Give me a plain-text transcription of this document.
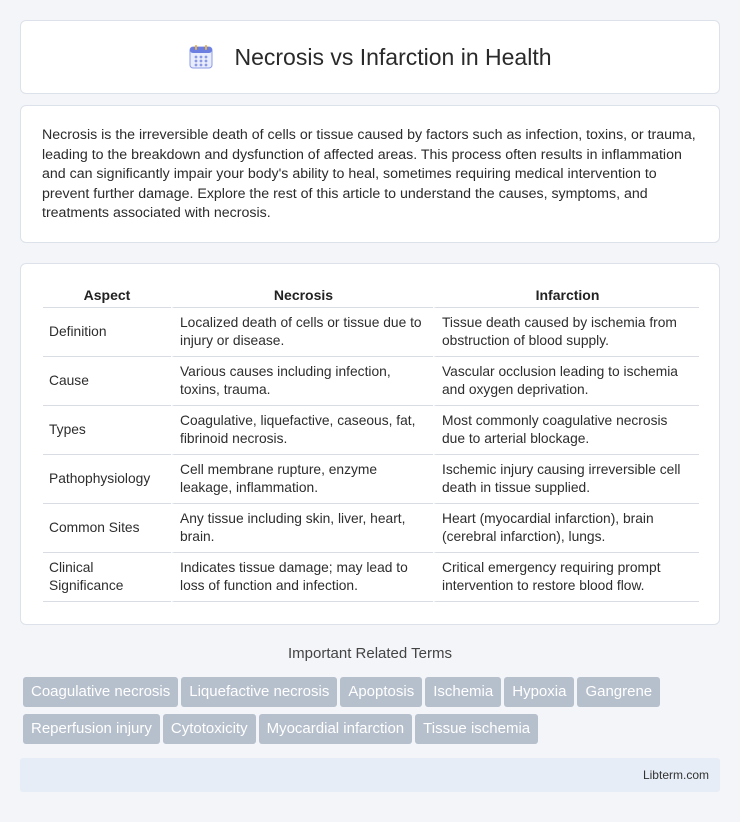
Necrosis vs Infarction in Health

Necrosis is the irreversible death of cells or tissue caused by factors such as infection, toxins, or trauma, leading to the breakdown and dysfunction of affected areas. This process often results in inflammation and can significantly impair your body's ability to heal, sometimes requiring medical intervention to prevent further damage. Explore the rest of this article to understand the causes, symptoms, and treatments associated with necrosis.

Aspect	Necrosis	Infarction
Definition	Localized death of cells or tissue due to injury or disease.	Tissue death caused by ischemia from obstruction of blood supply.
Cause	Various causes including infection, toxins, trauma.	Vascular occlusion leading to ischemia and oxygen deprivation.
Types	Coagulative, liquefactive, caseous, fat, fibrinoid necrosis.	Most commonly coagulative necrosis due to arterial blockage.
Pathophysiology	Cell membrane rupture, enzyme leakage, inflammation.	Ischemic injury causing irreversible cell death in tissue supplied.
Common Sites	Any tissue including skin, liver, heart, brain.	Heart (myocardial infarction), brain (cerebral infarction), lungs.
Clinical Significance	Indicates tissue damage; may lead to loss of function and infection.	Critical emergency requiring prompt intervention to restore blood flow.
Important Related Terms
Coagulative necrosis Liquefactive necrosis Apoptosis Ischemia Hypoxia Gangrene
Reperfusion injury Cytotoxicity Myocardial infarction Tissue ischemia
Libterm.com
